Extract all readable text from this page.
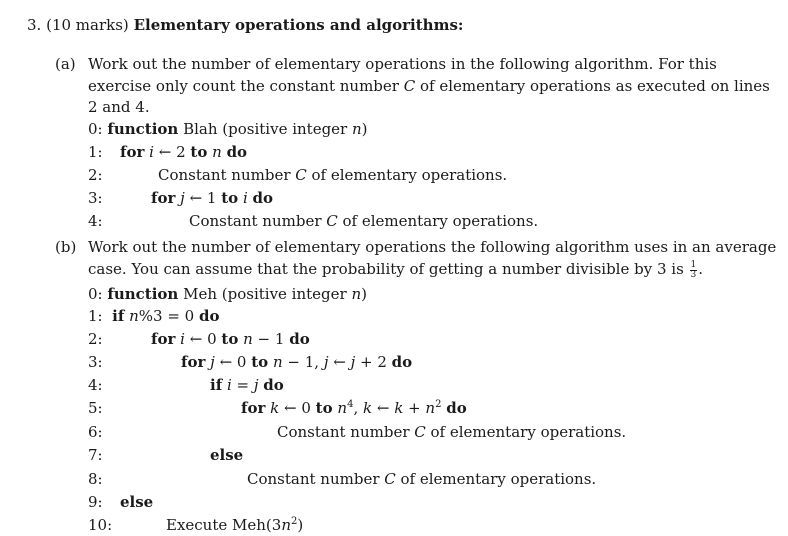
3. (10 marks) Elementary operations and algorithms:
(a) Work out the number of elementary operations in the following algorithm. For this
exercise only count the constant number C of elementary operations as executed on lines
2 and 4.
0: function Blah (positive integer n)
1: for i ← 2 to n do
2:	Constant number C of elementary operations.
3:	for j ← 1 to i do
4:	Constant number C of elementary operations.
(b) Work out the number of elementary operations the following algorithm uses in an average
case. You can assume that the probability of getting a number divisible by 3 is $\frac{1}{3}$ .
0: function Meh (positive integer n)
1: if n%3 = 0 do
2:	for i ← 0 to n − 1 do
3:	for j ← 0 to n − 1, j ← j + 2 do
4:	if i = j do
5:	for k ← 0 to $n^4$, k ← $k + n^2$ do
6:	Constant number C of elementary operations.
7:	else
8:	Constant number C of elementary operations.
9: else
10:	Execute $Meh(3n^2)$
